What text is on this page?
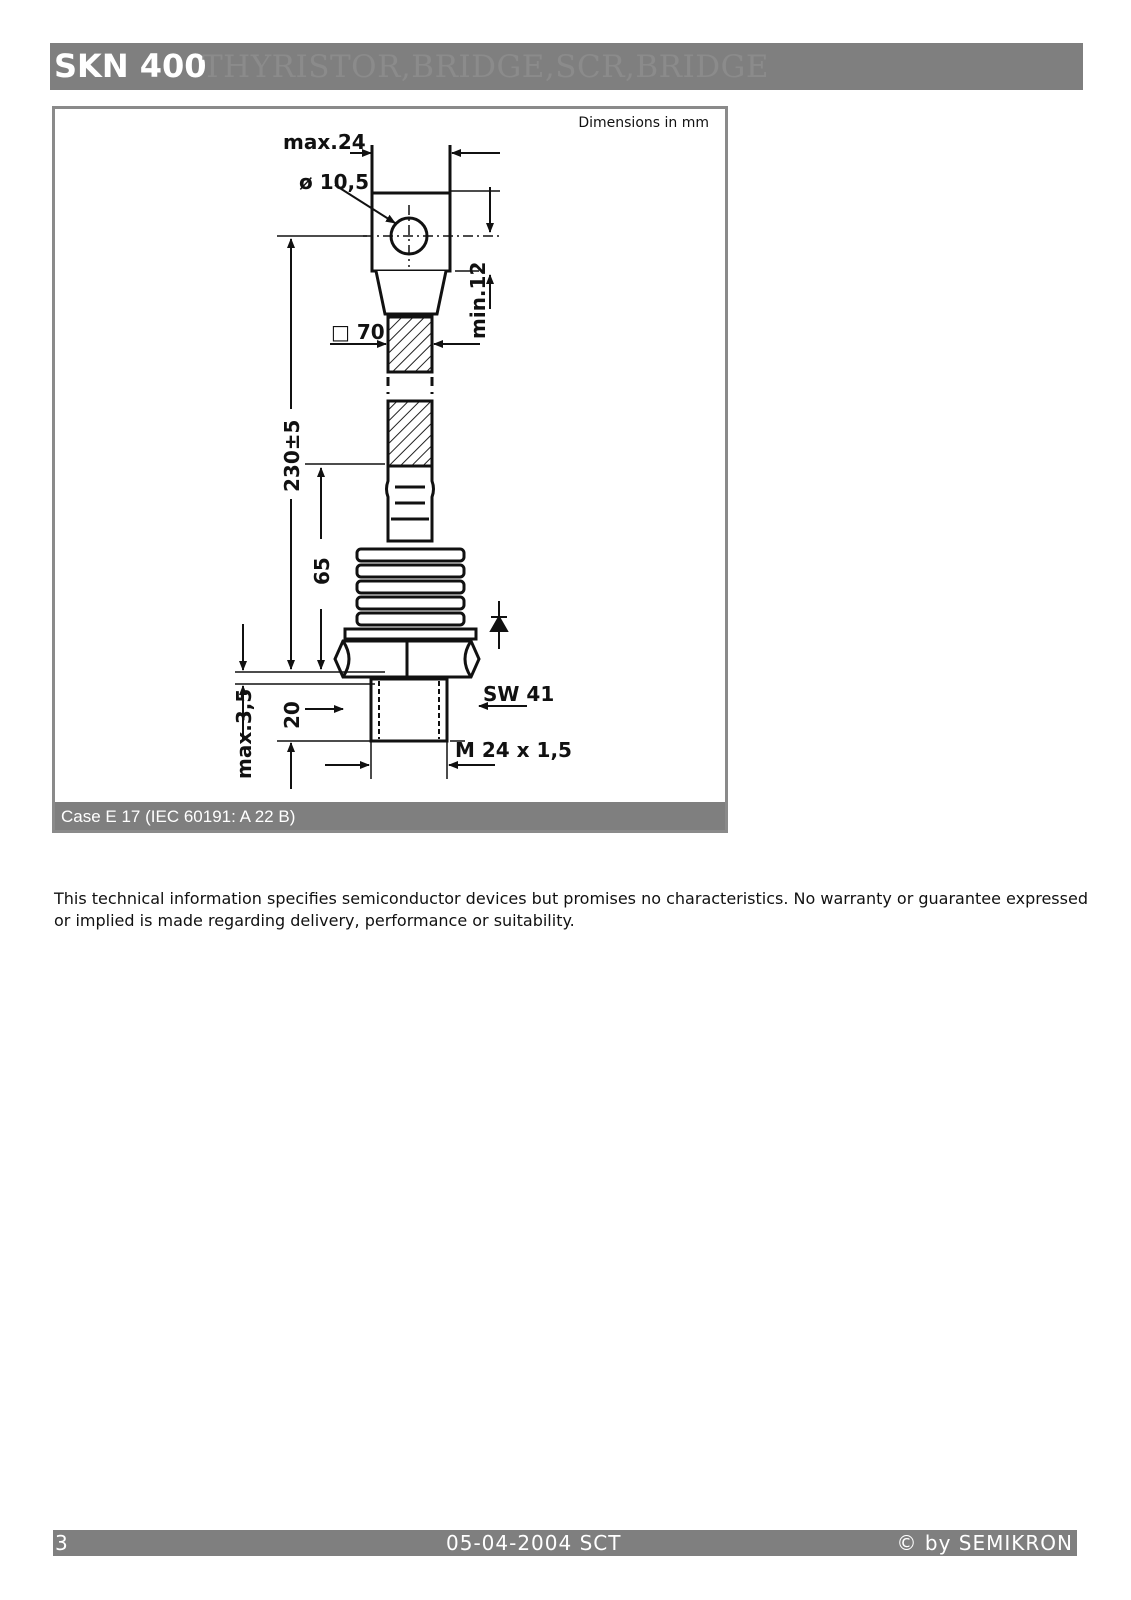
SKN 400
THYRISTOR,BRIDGE,SCR,BRIDGE
max.24
ø 10,5
□ 70	min.12
230±5
65
20
max.3,5	SW 41
M 24 x 1,5
Dimensions in mm
Case E 17 (IEC 60191: A 22 B)
This technical information specifies semiconductor devices but promises no characteristics. No warranty or guarantee expressed or implied is made regarding delivery, performance or suitability.
3	05-04-2004 SCT	© by SEMIKRON
